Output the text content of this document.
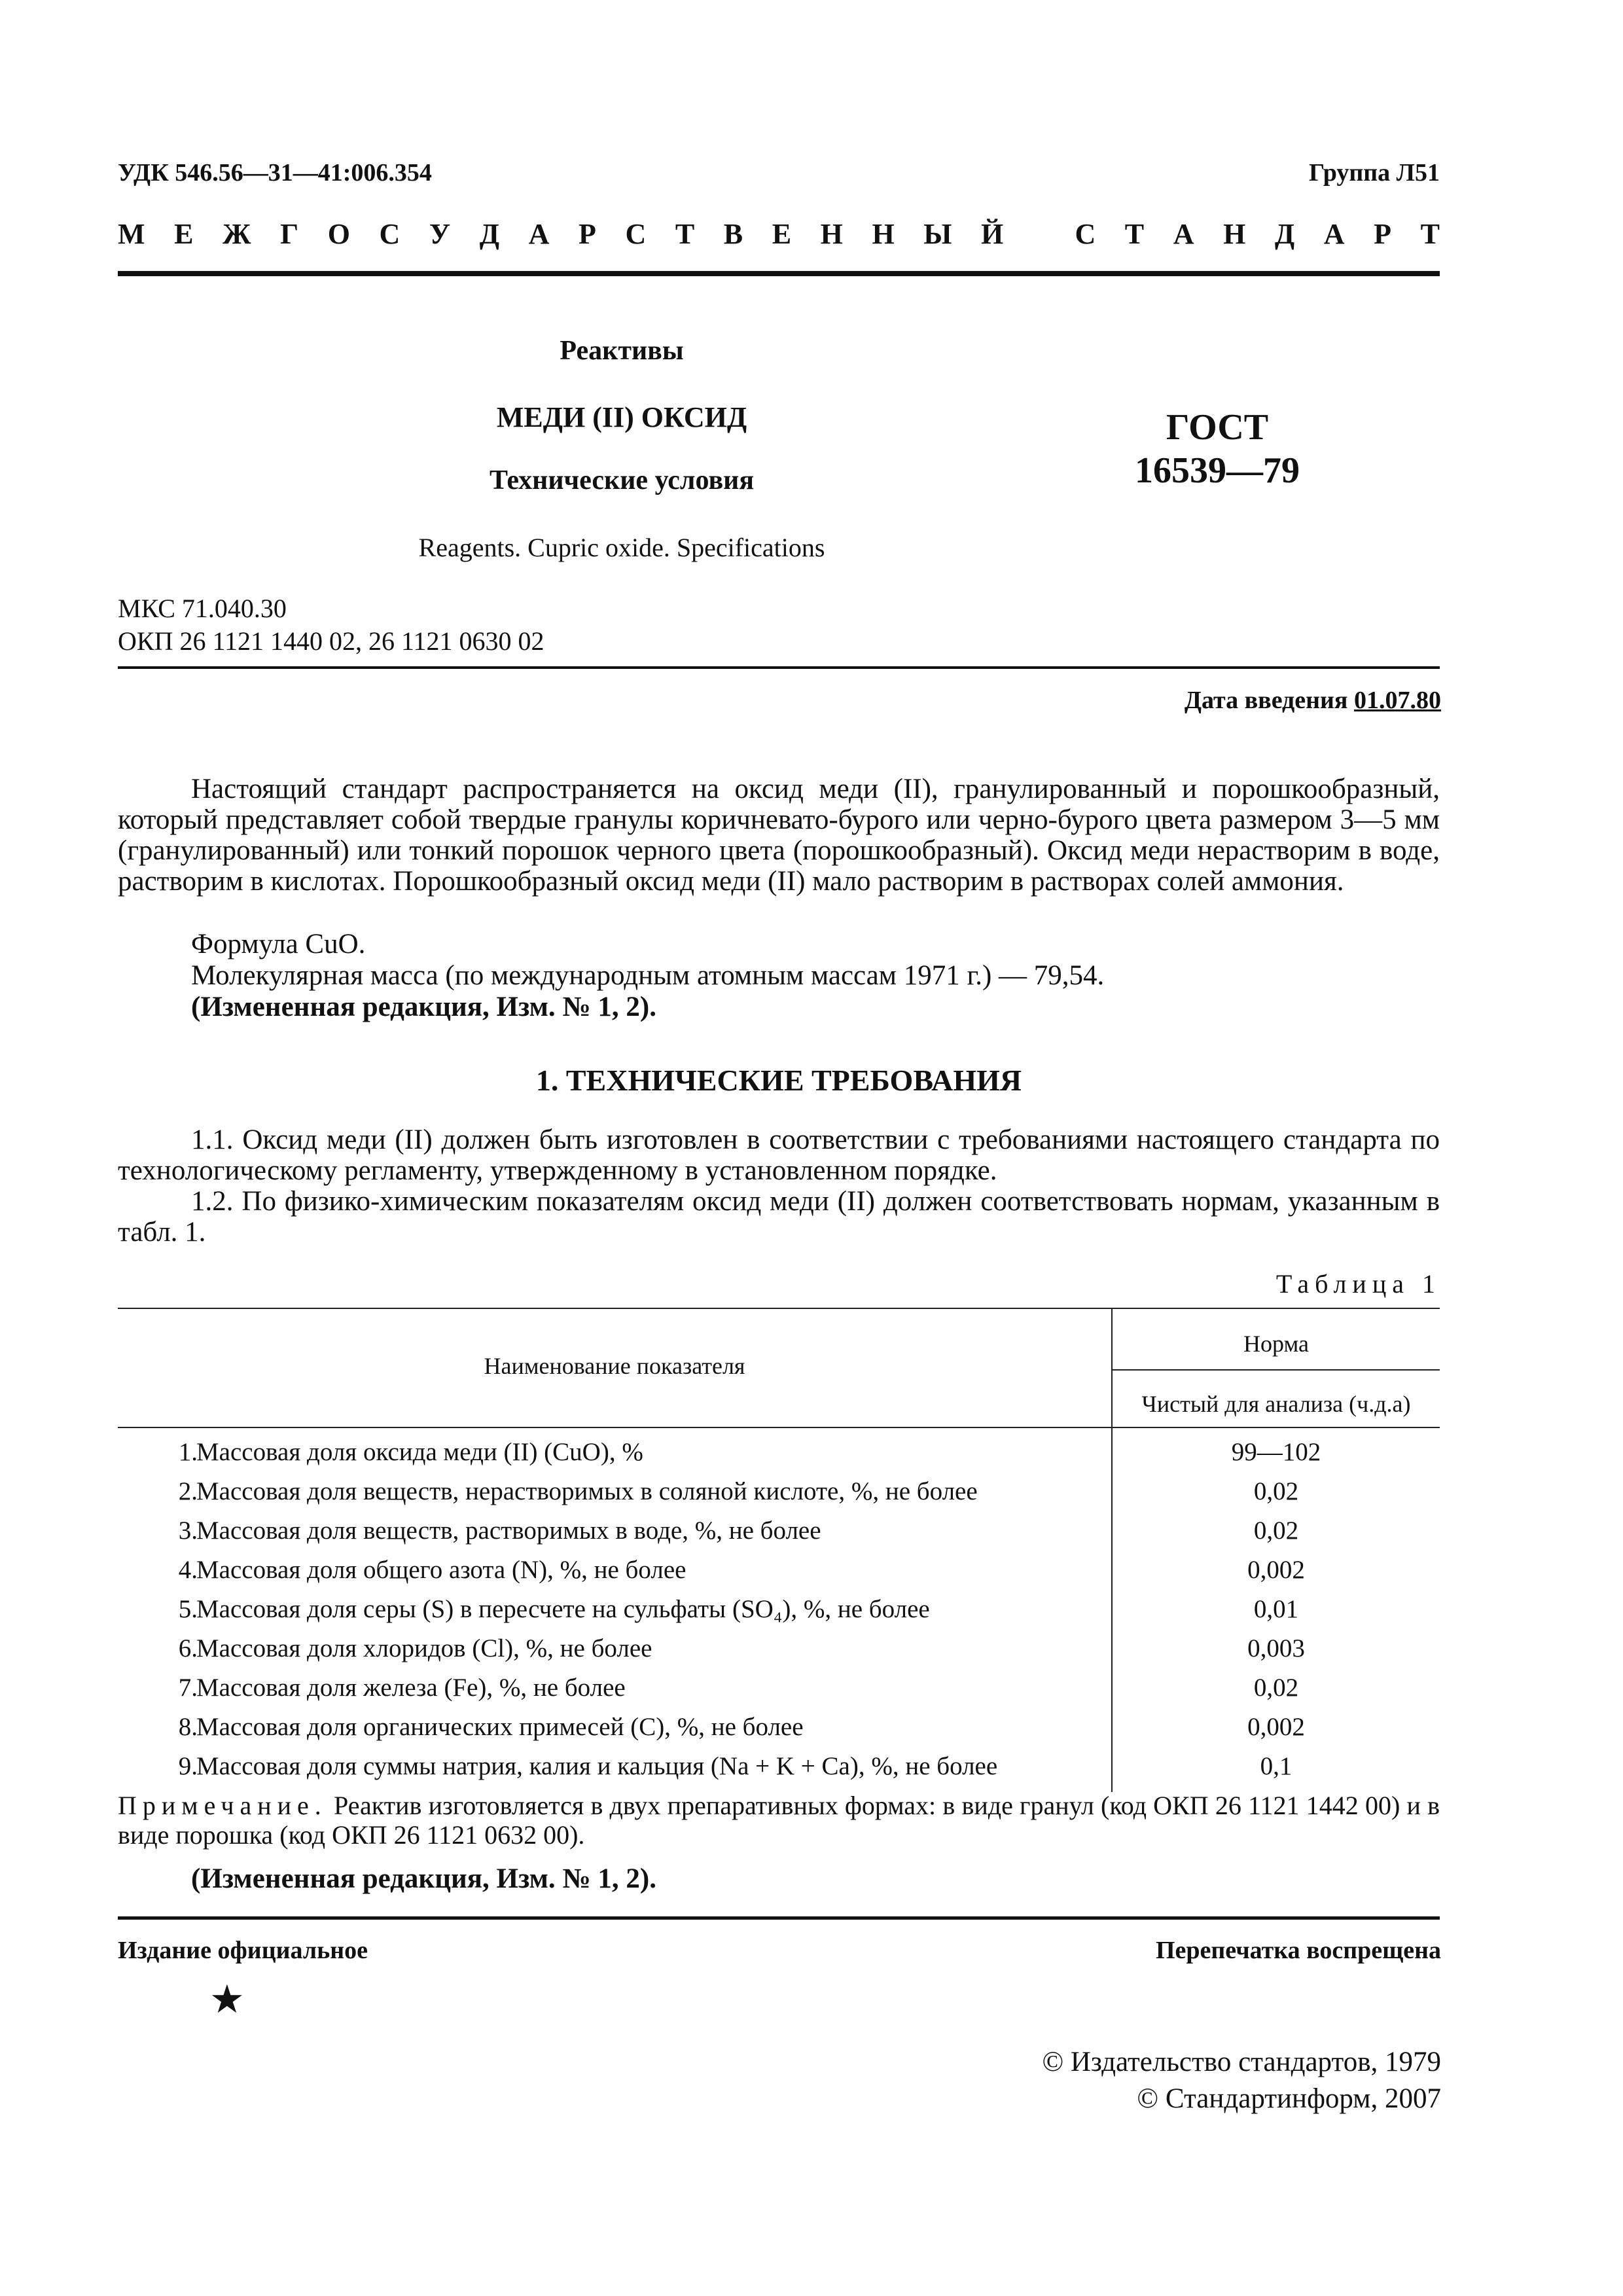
УДК 546.56—31—41:006.354	Группа Л51
М Е Ж Г О С У Д А Р С Т В Е Н Н Ы Й С Т А Н Д А Р Т
Реактивы
МЕДИ (II) ОКСИД
Технические условия
Reagents. Cupric oxide. Specifications
ГОСТ
16539—79
МКС 71.040.30
ОКП 26 1121 1440 02, 26 1121 0630 02
Дата введения 01.07.80
Настоящий стандарт распространяется на оксид меди (II), гранулированный и порошкообразный, который представляет собой твердые гранулы коричневато-бурого или черно-бурого цвета размером 3—5 мм (гранулированный) или тонкий порошок черного цвета (порошкообразный). Оксид меди нерастворим в воде, растворим в кислотах. Порошкообразный оксид меди (II) мало растворим в растворах солей аммония.
Формула CuO.
Молекулярная масса (по международным атомным массам 1971 г.) — 79,54.
(Измененная редакция, Изм. № 1, 2).
1. ТЕХНИЧЕСКИЕ ТРЕБОВАНИЯ
1.1. Оксид меди (II) должен быть изготовлен в соответствии с требованиями настоящего стандарта по технологическому регламенту, утвержденному в установленном порядке.
1.2. По физико-химическим показателям оксид меди (II) должен соответствовать нормам, указанным в табл. 1.
Таблица 1
Наименование показателя
Норма
Чистый для анализа (ч.д.а)
1.
Массовая доля оксида меди (II) (CuO), %	99—102
2.
Массовая доля веществ, нерастворимых в соляной кислоте, %, не более	0,02
3.
Массовая доля веществ, растворимых в воде, %, не более	0,02
4.
Массовая доля общего азота (N), %, не более	0,002
5.
Массовая доля серы (S) в пересчете на сульфаты (SO₄), %, не более	0,01
6.
Массовая доля хлоридов (Cl), %, не более	0,003
7.
Массовая доля железа (Fe), %, не более	0,02
8.
Массовая доля органических примесей (C), %, не более	0,002
9.
Массовая доля суммы натрия, калия и кальция (Na + K + Ca), %, не более	0,1
Примечание. Реактив изготовляется в двух препаративных формах: в виде гранул (код ОКП 26 1121 1442 00) и в виде порошка (код ОКП 26 1121 0632 00).
(Измененная редакция, Изм. № 1, 2).
Издание официальное	Перепечатка воспрещена
★
© Издательство стандартов, 1979
© Стандартинформ, 2007
